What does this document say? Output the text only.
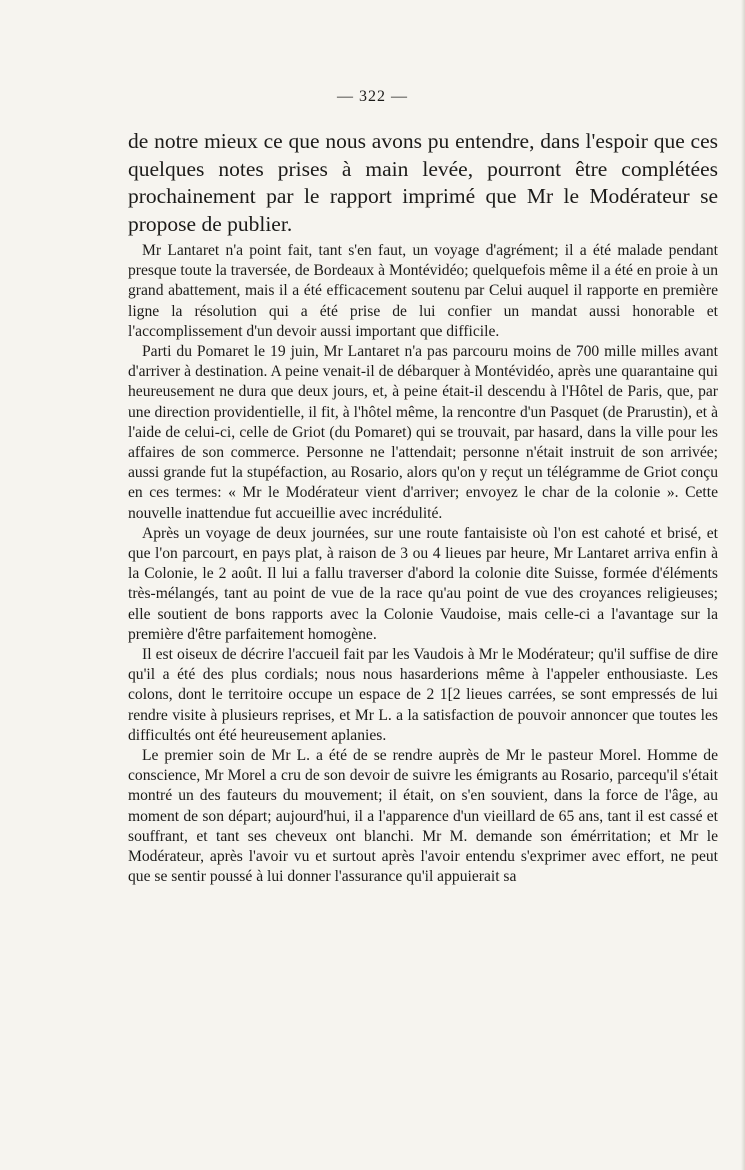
— 322 —

de notre mieux ce que nous avons pu entendre, dans l'espoir que ces quelques notes prises à main levée, pourront être complétées prochainement par le rapport imprimé que Mr le Modérateur se propose de publier.

Mr Lantaret n'a point fait, tant s'en faut, un voyage d'agrément; il a été malade pendant presque toute la traversée, de Bordeaux à Montévidéo; quelquefois même il a été en proie à un grand abattement, mais il a été efficacement soutenu par Celui auquel il rapporte en première ligne la résolution qui a été prise de lui confier un mandat aussi honorable et l'accomplissement d'un devoir aussi important que difficile.

Parti du Pomaret le 19 juin, Mr Lantaret n'a pas parcouru moins de 700 mille milles avant d'arriver à destination. A peine venait-il de débarquer à Montévidéo, après une quarantaine qui heureusement ne dura que deux jours, et, à peine était-il descendu à l'Hôtel de Paris, que, par une direction providentielle, il fit, à l'hôtel même, la rencontre d'un Pasquet (de Prarustin), et à l'aide de celui-ci, celle de Griot (du Pomaret) qui se trouvait, par hasard, dans la ville pour les affaires de son commerce. Personne ne l'attendait; personne n'était instruit de son arrivée; aussi grande fut la stupéfaction, au Rosario, alors qu'on y reçut un télégramme de Griot conçu en ces termes: « Mr le Modérateur vient d'arriver; envoyez le char de la colonie ». Cette nouvelle inattendue fut accueillie avec incrédulité.

Après un voyage de deux journées, sur une route fantaisiste où l'on est cahoté et brisé, et que l'on parcourt, en pays plat, à raison de 3 ou 4 lieues par heure, Mr Lantaret arriva enfin à la Colonie, le 2 août. Il lui a fallu traverser d'abord la colonie dite Suisse, formée d'éléments très-mélangés, tant au point de vue de la race qu'au point de vue des croyances religieuses; elle soutient de bons rapports avec la Colonie Vaudoise, mais celle-ci a l'avantage sur la première d'être parfaitement homogène.

Il est oiseux de décrire l'accueil fait par les Vaudois à Mr le Modérateur; qu'il suffise de dire qu'il a été des plus cordials; nous nous hasarderions même à l'appeler enthousiaste. Les colons, dont le territoire occupe un espace de 2 1[2 lieues carrées, se sont empressés de lui rendre visite à plusieurs reprises, et Mr L. a la satisfaction de pouvoir annoncer que toutes les difficultés ont été heureusement aplanies.

Le premier soin de Mr L. a été de se rendre auprès de Mr le pasteur Morel. Homme de conscience, Mr Morel a cru de son devoir de suivre les émigrants au Rosario, parcequ'il s'était montré un des fauteurs du mouvement; il était, on s'en souvient, dans la force de l'âge, au moment de son départ; aujourd'hui, il a l'apparence d'un vieillard de 65 ans, tant il est cassé et souffrant, et tant ses cheveux ont blanchi. Mr M. demande son émérritation; et Mr le Modérateur, après l'avoir vu et surtout après l'avoir entendu s'exprimer avec effort, ne peut que se sentir poussé à lui donner l'assurance qu'il appuierait sa
